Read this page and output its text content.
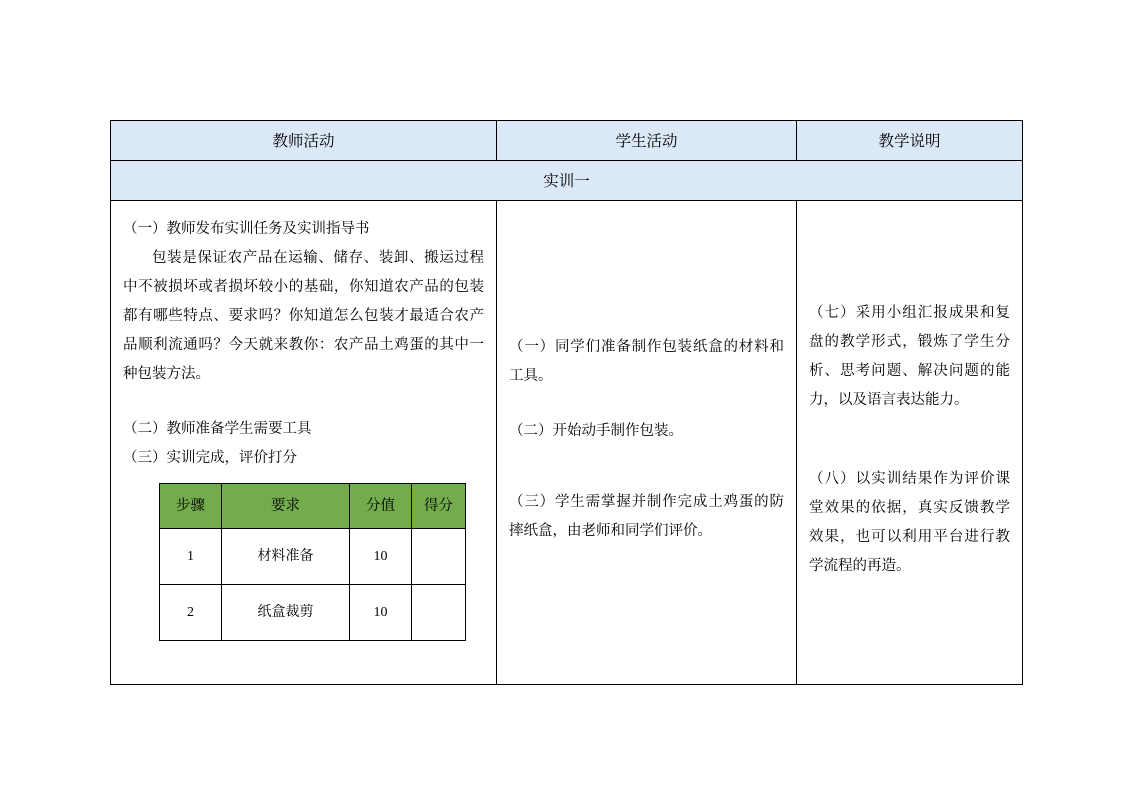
教师活动	学生活动	教学说明
实训一

（一）教师发布实训任务及实训指导书

包装是保证农产品在运输、储存、装卸、搬运过程中不被损坏或者损坏较小的基础，你知道农产品的包装都有哪些特点、要求吗？你知道怎么包装才最适合农产品顺利流通吗？今天就来教你：农产品土鸡蛋的其中一种包装方法。

（二）教师准备学生需要工具

（三）实训完成，评价打分

步骤	要求	分值	得分
1	材料准备	10	
2	纸盒裁剪	10	

（一）同学们准备制作包装纸盒的材料和工具。

（二）开始动手制作包装。

（三）学生需掌握并制作完成土鸡蛋的防摔纸盒，由老师和同学们评价。

（七）采用小组汇报成果和复盘的教学形式，锻炼了学生分析、思考问题、解决问题的能力，以及语言表达能力。

（八）以实训结果作为评价课堂效果的依据，真实反馈教学效果，也可以利用平台进行教学流程的再造。
